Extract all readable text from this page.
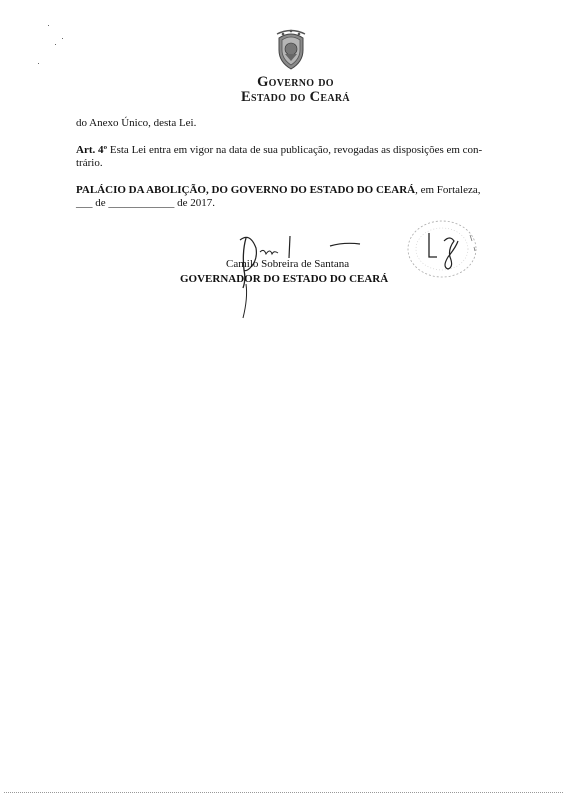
Governo do
Estado do Ceará
do Anexo Único, desta Lei.
Art. 4º Esta Lei entra em vigor na data de sua publicação, revogadas as disposições em con-
trário.
PALÁCIO DA ABOLIÇÃO, DO GOVERNO DO ESTADO DO CEARÁ, em Fortaleza,
___ de ____________ de 2017.
Camilo Sobreira de Santana
GOVERNADOR DO ESTADO DO CEARÁ
